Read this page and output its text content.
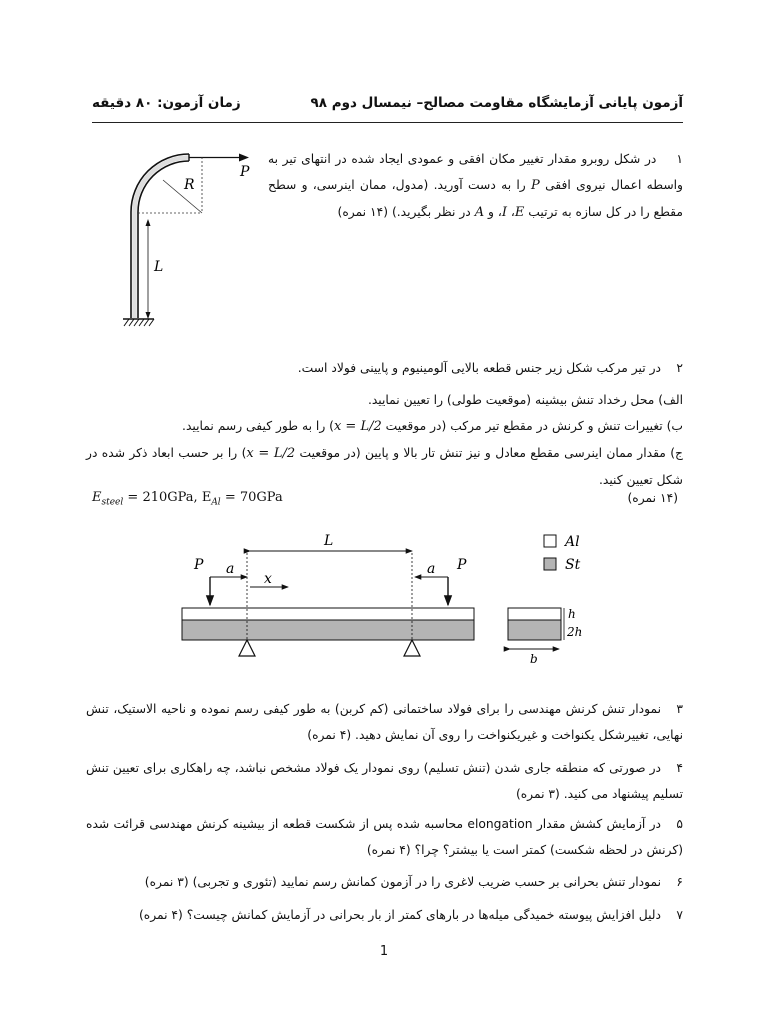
آزمون پایانی آزمایشگاه مقاومت مصالح– نیمسال دوم ۹۸
زمان آزمون: ۸۰ دقیقه
P
R
L
۱ در شکل روبرو مقدار تغییر مکان افقی و عمودی ایجاد شده در انتهای تیر به واسطه اعمال نیروی افقی P را به دست آورید. (مدول، ممان اینرسی، و سطح مقطع را در کل سازه به ترتیب E، I، و A در نظر بگیرید.) (۱۴ نمره)

۲در تیر مرکب شکل زیر جنس قطعه بالایی آلومینیوم و پایینی فولاد است.

الف) محل رخداد تنش بیشینه (موقعیت طولی) را تعیین نمایید.

ب) تغییرات تنش و کرنش در مقطع تیر مرکب (در موقعیت x = L/2) را به طور کیفی رسم نمایید.

ج) مقدار ممان اینرسی مقطع معادل و نیز تنش تار بالا و پایین (در موقعیت x = L/2) را بر حسب ابعاد ذکر شده در شکل تعیین کنید.

$E_{steel} = 210GPa$, $E_{Al} = 70GPa$	(۱۴ نمره)
L
P a
x
P
a
Al
St
h
2h
b
۳نمودار تنش کرنش مهندسی را برای فولاد ساختمانی (کم کربن) به طور کیفی رسم نموده و ناحیه الاستیک، تنش نهایی، تغییرشکل یکنواخت و غیریکنواخت را روی آن نمایش دهید. (۴ نمره)
۴در صورتی که منطقه جاری شدن (تنش تسلیم) روی نمودار یک فولاد مشخص نباشد، چه راهکاری برای تعیین تنش تسلیم پیشنهاد می کنید. (۳ نمره)
۵در آزمایش کشش مقدار elongation محاسبه شده پس از شکست قطعه از بیشینه کرنش مهندسی قرائت شده (کرنش در لحظه شکست) کمتر است یا بیشتر؟ چرا؟ (۴ نمره)
۶نمودار تنش بحرانی بر حسب ضریب لاغری را در آزمون کمانش رسم نمایید (تئوری و تجربی) (۳ نمره)
۷دلیل افزایش پیوسته خمیدگی میله‌ها در بارهای کمتر از بار بحرانی در آزمایش کمانش چیست؟ (۴ نمره)
1
